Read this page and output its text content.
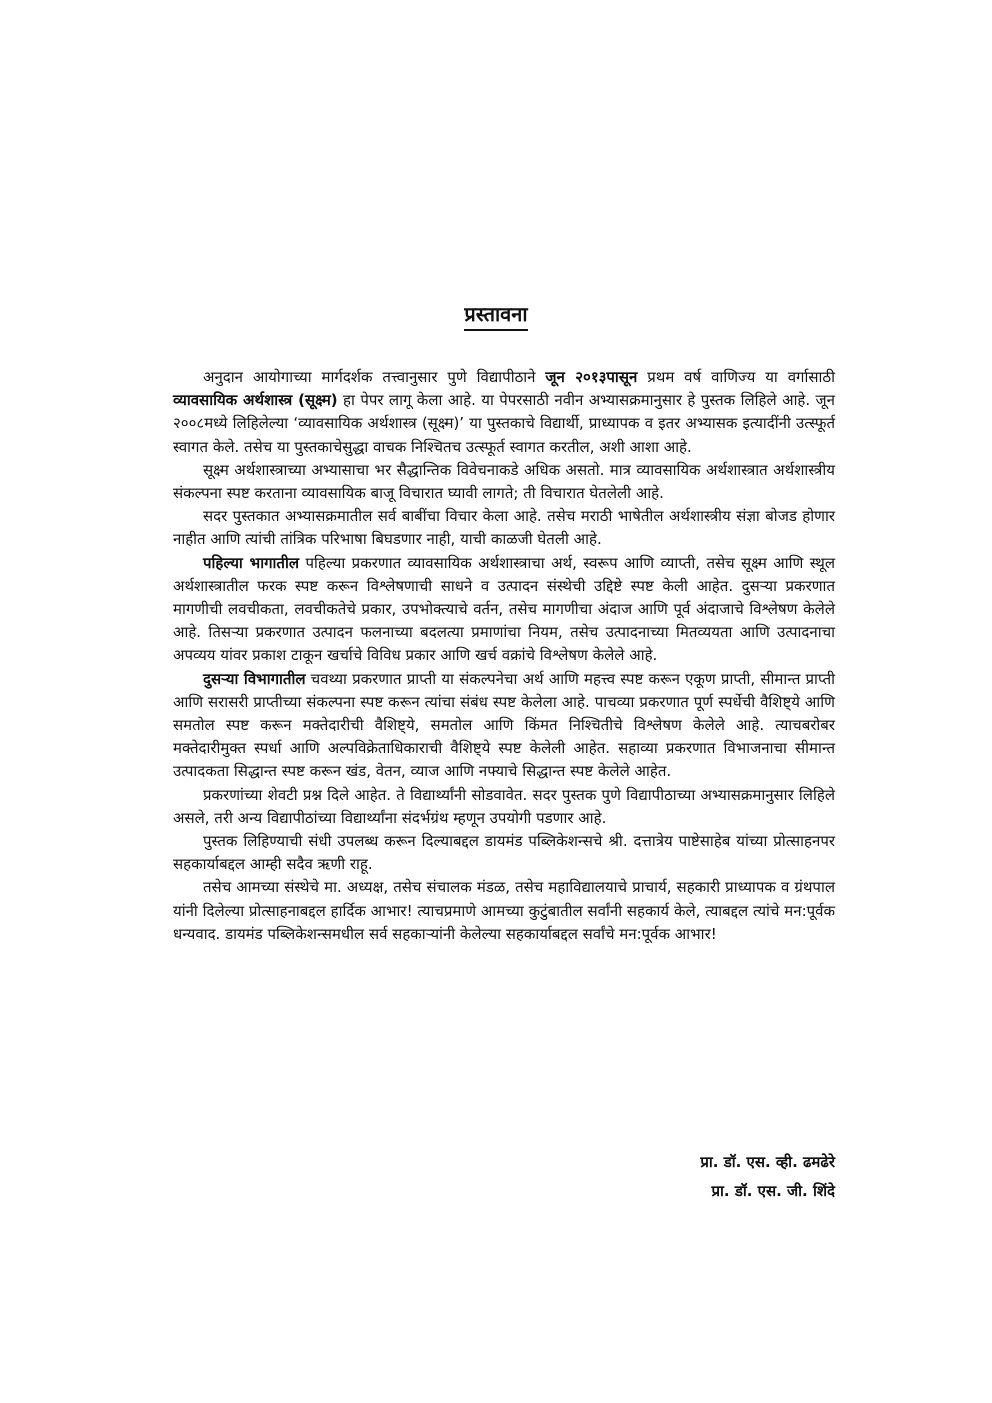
प्रस्तावना

अनुदान आयोगाच्या मार्गदर्शक तत्त्वानुसार पुणे विद्यापीठाने जून २०१३पासून प्रथम वर्ष वाणिज्य या वर्गासाठी व्यावसायिक अर्थशास्त्र (सूक्ष्म) हा पेपर लागू केला आहे. या पेपरसाठी नवीन अभ्यासक्रमानुसार हे पुस्तक लिहिले आहे. जून २००८मध्ये लिहिलेल्या ‘व्यावसायिक अर्थशास्त्र (सूक्ष्म)’ या पुस्तकाचे विद्यार्थी, प्राध्यापक व इतर अभ्यासक इत्यादींनी उत्स्फूर्त स्वागत केले. तसेच या पुस्तकाचेसुद्धा वाचक निश्चितच उत्स्फूर्त स्वागत करतील, अशी आशा आहे.

सूक्ष्म अर्थशास्त्राच्या अभ्यासाचा भर सैद्धान्तिक विवेचनाकडे अधिक असतो. मात्र व्यावसायिक अर्थशास्त्रात अर्थशास्त्रीय संकल्पना स्पष्ट करताना व्यावसायिक बाजू विचारात घ्यावी लागते; ती विचारात घेतलेली आहे.

सदर पुस्तकात अभ्यासक्रमातील सर्व बाबींचा विचार केला आहे. तसेच मराठी भाषेतील अर्थशास्त्रीय संज्ञा बोजड होणार नाहीत आणि त्यांची तांत्रिक परिभाषा बिघडणार नाही, याची काळजी घेतली आहे.

पहिल्या भागातील पहिल्या प्रकरणात व्यावसायिक अर्थशास्त्राचा अर्थ, स्वरूप आणि व्याप्ती, तसेच सूक्ष्म आणि स्थूल अर्थशास्त्रातील फरक स्पष्ट करून विश्लेषणाची साधने व उत्पादन संस्थेची उद्दिष्टे स्पष्ट केली आहेत. दुसऱ्या प्रकरणात मागणीची लवचीकता, लवचीकतेचे प्रकार, उपभोक्त्याचे वर्तन, तसेच मागणीचा अंदाज आणि पूर्व अंदाजाचे विश्लेषण केलेले आहे. तिसऱ्या प्रकरणात उत्पादन फलनाच्या बदलत्या प्रमाणांचा नियम, तसेच उत्पादनाच्या मितव्ययता आणि उत्पादनाचा अपव्यय यांवर प्रकाश टाकून खर्चाचे विविध प्रकार आणि खर्च वक्रांचे विश्लेषण केलेले आहे.

दुसऱ्या विभागातील चवथ्या प्रकरणात प्राप्ती या संकल्पनेचा अर्थ आणि महत्त्व स्पष्ट करून एकूण प्राप्ती, सीमान्त प्राप्ती आणि सरासरी प्राप्तीच्या संकल्पना स्पष्ट करून त्यांचा संबंध स्पष्ट केलेला आहे. पाचव्या प्रकरणात पूर्ण स्पर्धेची वैशिष्ट्ये आणि समतोल स्पष्ट करून मक्तेदारीची वैशिष्ट्ये, समतोल आणि किंमत निश्चितीचे विश्लेषण केलेले आहे. त्याचबरोबर मक्तेदारीमुक्त स्पर्धा आणि अल्पविक्रेताधिकाराची वैशिष्ट्ये स्पष्ट केलेली आहेत. सहाव्या प्रकरणात विभाजनाचा सीमान्त उत्पादकता सिद्धान्त स्पष्ट करून खंड, वेतन, व्याज आणि नफ्याचे सिद्धान्त स्पष्ट केलेले आहेत.

प्रकरणांच्या शेवटी प्रश्न दिले आहेत. ते विद्यार्थ्यांनी सोडवावेत. सदर पुस्तक पुणे विद्यापीठाच्या अभ्यासक्रमानुसार लिहिले असले, तरी अन्य विद्यापीठांच्या विद्यार्थ्यांना संदर्भग्रंथ म्हणून उपयोगी पडणार आहे.

पुस्तक लिहिण्याची संधी उपलब्ध करून दिल्याबद्दल डायमंड पब्लिकेशन्सचे श्री. दत्तात्रेय पाष्टेसाहेब यांच्या प्रोत्साहनपर सहकार्याबद्दल आम्ही सदैव ऋणी राहू.

तसेच आमच्या संस्थेचे मा. अध्यक्ष, तसेच संचालक मंडळ, तसेच महाविद्यालयाचे प्राचार्य, सहकारी प्राध्यापक व ग्रंथपाल यांनी दिलेल्या प्रोत्साहनाबद्दल हार्दिक आभार! त्याचप्रमाणे आमच्या कुटुंबातील सर्वांनी सहकार्य केले, त्याबद्दल त्यांचे मन:पूर्वक धन्यवाद. डायमंड पब्लिकेशन्समधील सर्व सहकाऱ्यांनी केलेल्या सहकार्याबद्दल सर्वांचे मन:पूर्वक आभार!

प्रा. डॉ. एस. व्ही. ढमढेरे
प्रा. डॉ. एस. जी. शिंदे
